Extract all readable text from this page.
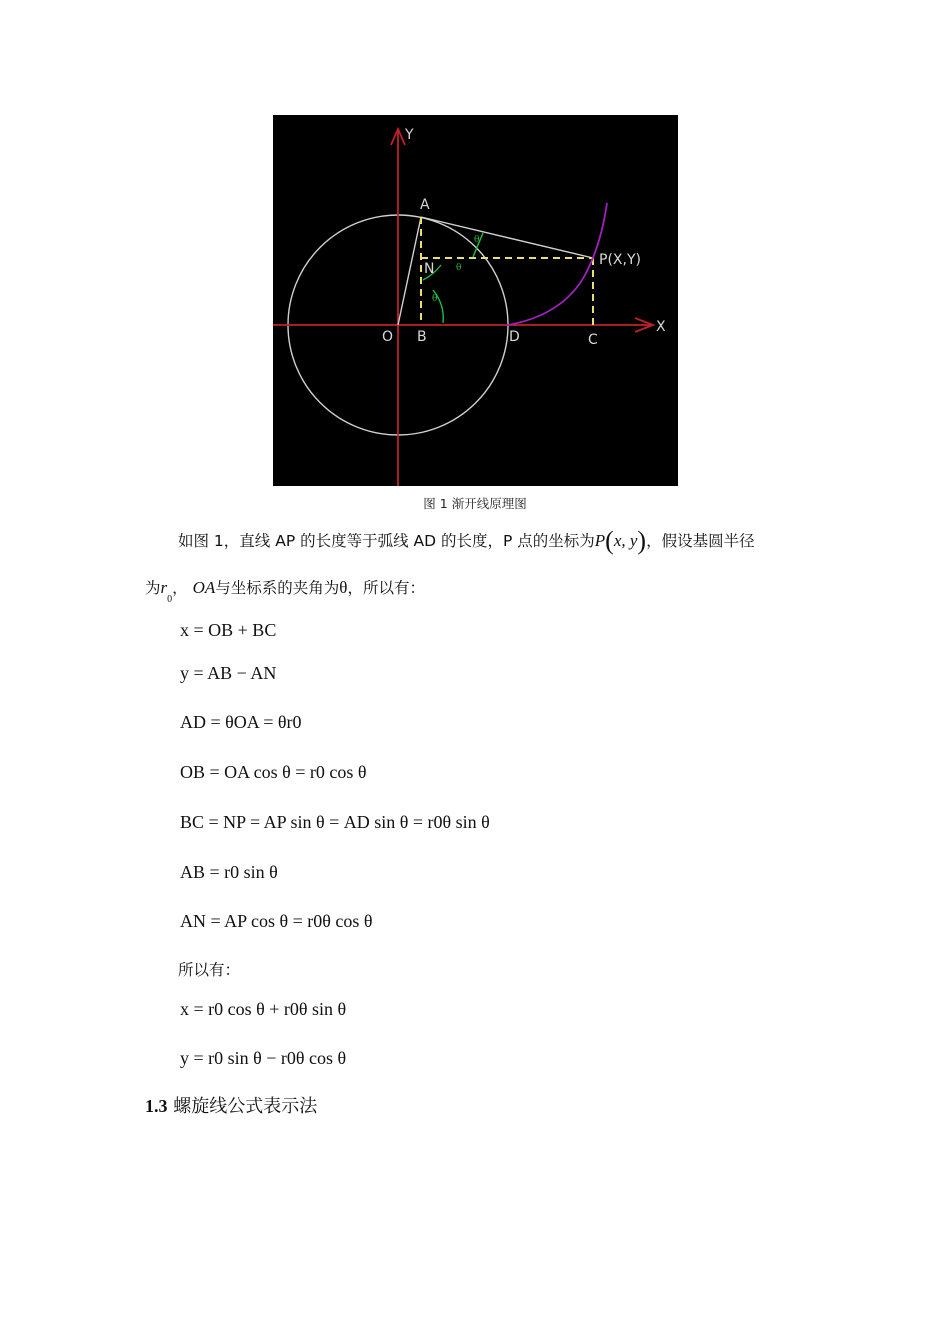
Y
X
A
N
P(X,Y)
O B	D	C
θ
θ
θ
图 1 渐开线原理图
如图 1，直线 AP 的长度等于弧线 AD 的长度，P 点的坐标为P(x, y)，假设基圆半径
为$r_0$， OA与坐标系的夹角为θ，所以有：
x = OB + BC
y = AB − AN
AD = θOA = θr0
OB = OA cos θ = r0 cos θ
BC = NP = AP sin θ = AD sin θ = r0θ sin θ
AB = r0 sin θ
AN = AP cos θ = r0θ cos θ
所以有：
x = r0 cos θ + r0θ sin θ
y = r0 sin θ − r0θ cos θ
1.3 螺旋线公式表示法
